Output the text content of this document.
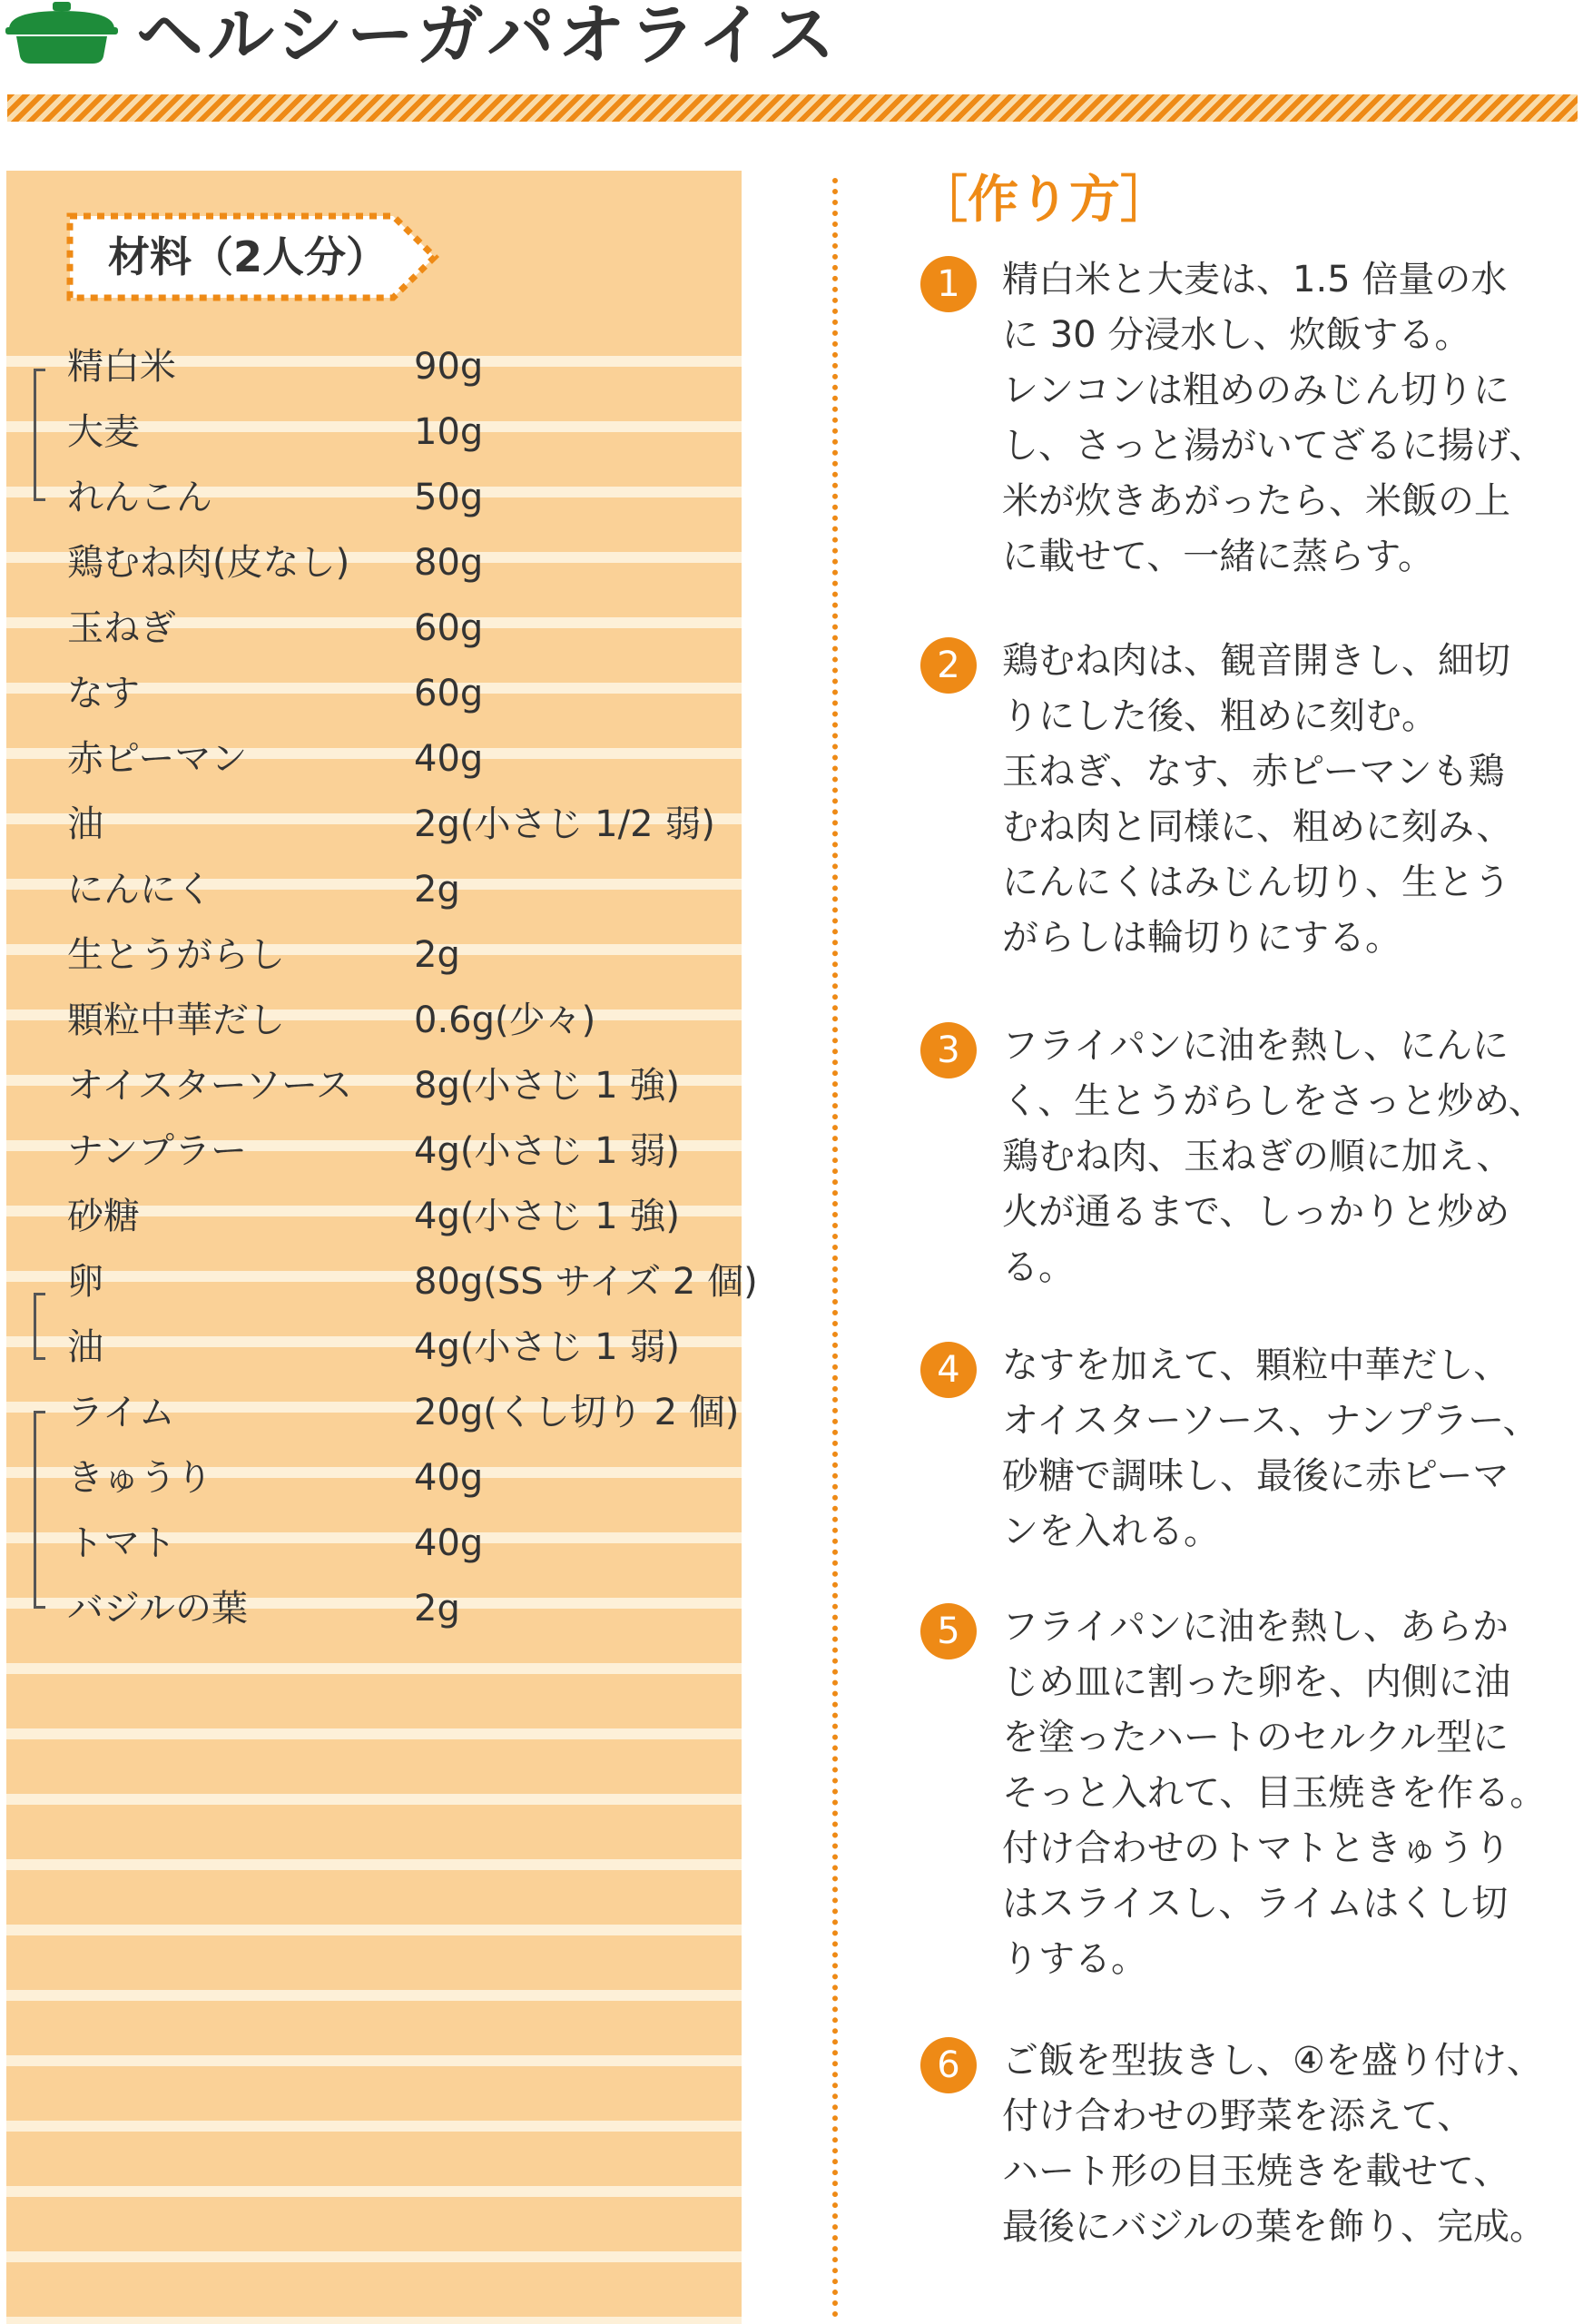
ヘルシーガパオライス
材料（2人分）
精白米	90g
大麦	10g
れんこん	50g
鶏むね肉(皮なし) 80g
玉ねぎ	60g
なす	60g
赤ピーマン	40g
油	2g(小さじ 1/2 弱)
にんにく	2g
生とうがらし	2g
顆粒中華だし	0.6g(少々)
オイスターソース 8g(小さじ 1 強)
ナンプラー	4g(小さじ 1 弱)
砂糖	4g(小さじ 1 強)
卵	80g(SS サイズ 2 個)
油	4g(小さじ 1 弱)
ライム	20g(くし切り 2 個)
きゅうり	40g
トマト	40g
バジルの葉	2g
［作り方］
1	精白米と大麦は、1.5 倍量の水

に 30 分浸水し、炊飯する。

レンコンは粗めのみじん切りに

し、さっと湯がいてざるに揚げ、

米が炊きあがったら、米飯の上

に載せて、一緒に蒸らす。

2	鶏むね肉は、観音開きし、細切

りにした後、粗めに刻む。

玉ねぎ、なす、赤ピーマンも鶏

むね肉と同様に、粗めに刻み、

にんにくはみじん切り、生とう

がらしは輪切りにする。

3	フライパンに油を熱し、にんに

く、生とうがらしをさっと炒め、

鶏むね肉、玉ねぎの順に加え、

火が通るまで、しっかりと炒め

る。

4	なすを加えて、顆粒中華だし、

オイスターソース、ナンプラー、

砂糖で調味し、最後に赤ピーマ

ンを入れる。

5	フライパンに油を熱し、あらか

じめ皿に割った卵を、内側に油

を塗ったハートのセルクル型に

そっと入れて、目玉焼きを作る。

付け合わせのトマトときゅうり

はスライスし、ライムはくし切

りする。

6	ご飯を型抜きし、④を盛り付け、

付け合わせの野菜を添えて、

ハート形の目玉焼きを載せて、

最後にバジルの葉を飾り、完成。
